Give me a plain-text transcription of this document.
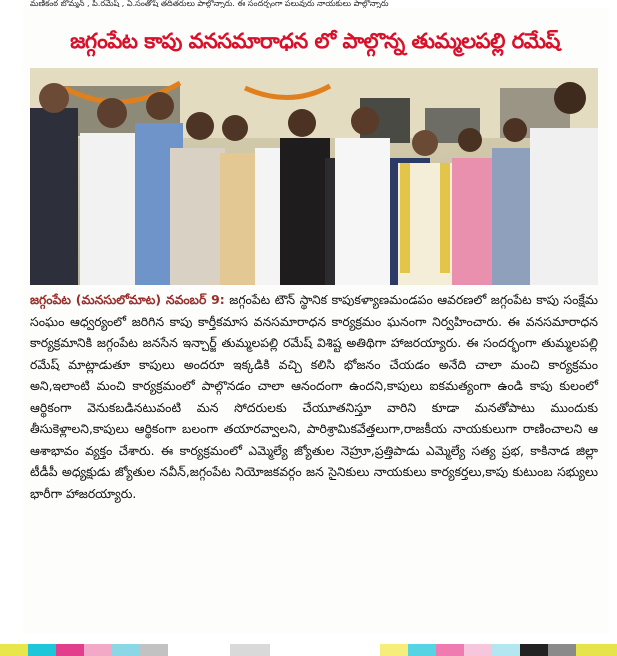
మణికంఠ బొమ్మన్ , పి.రమేష్ , ఏ.సంతోష్ తదితరులు పాల్గొన్నారు. ఈ సందర్భంగా పలువురు నాయకులు పాల్గొన్నారు
జగ్గంపేట కాపు వనసమారాధన లో పాల్గొన్న తుమ్మలపల్లి రమేష్

జగ్గంపేట (మనసులోమాట) నవంబర్ 9: జగ్గంపేట టౌన్ స్థానిక కాపుకళ్యాణమండపం ఆవరణలో జగ్గంపేట కాపు సంక్షేమ సంఘం ఆధ్వర్యంలో జరిగిన కాపు కార్తీకమాస వనసమారాధన కార్యక్రమం ఘనంగా నిర్వహించారు. ఈ వనసమారాధన కార్యక్రమానికి జగ్గంపేట జనసేన ఇన్చార్జ్ తుమ్మలపల్లి రమేష్ విశిష్ట అతిథిగా హాజరయ్యారు. ఈ సందర్భంగా తుమ్మలపల్లి రమేష్ మాట్లాడుతూ కాపులు అందరూ ఇక్కడికి వచ్చి కలిసి భోజనం చేయడం అనేది చాలా మంచి కార్యక్రమం అని,ఇలాంటి మంచి కార్యక్రమంలో పాల్గొనడం చాలా ఆనందంగా ఉందని,కాపులు ఐకమత్యంగా ఉండి కాపు కులంలో ఆర్థికంగా వెనుకబడినటువంటి మన సోదరులకు చేయూతనిస్తూ వారిని కూడా మనతోపాటు ముందుకు తీసుకెళ్లాలని,కాపులు ఆర్థికంగా బలంగా తయారవ్వాలని, పారిశ్రామికవేత్తలుగా,రాజకీయ నాయకులుగా రాణించాలని ఆ ఆశాభావం వ్యక్తం చేశారు. ఈ కార్యక్రమంలో ఎమ్మెల్యే జ్యోతుల నెహ్రూ,ప్రత్తిపాడు ఎమ్మెల్యే సత్య ప్రభ, కాకినాడ జిల్లా టీడీపీ అధ్యక్షుడు జ్యోతుల నవీన్,జగ్గంపేట నియోజకవర్గం జన సైనికులు నాయకులు కార్యకర్తలు,కాపు కుటుంబ సభ్యులు భారీగా హాజరయ్యారు.
